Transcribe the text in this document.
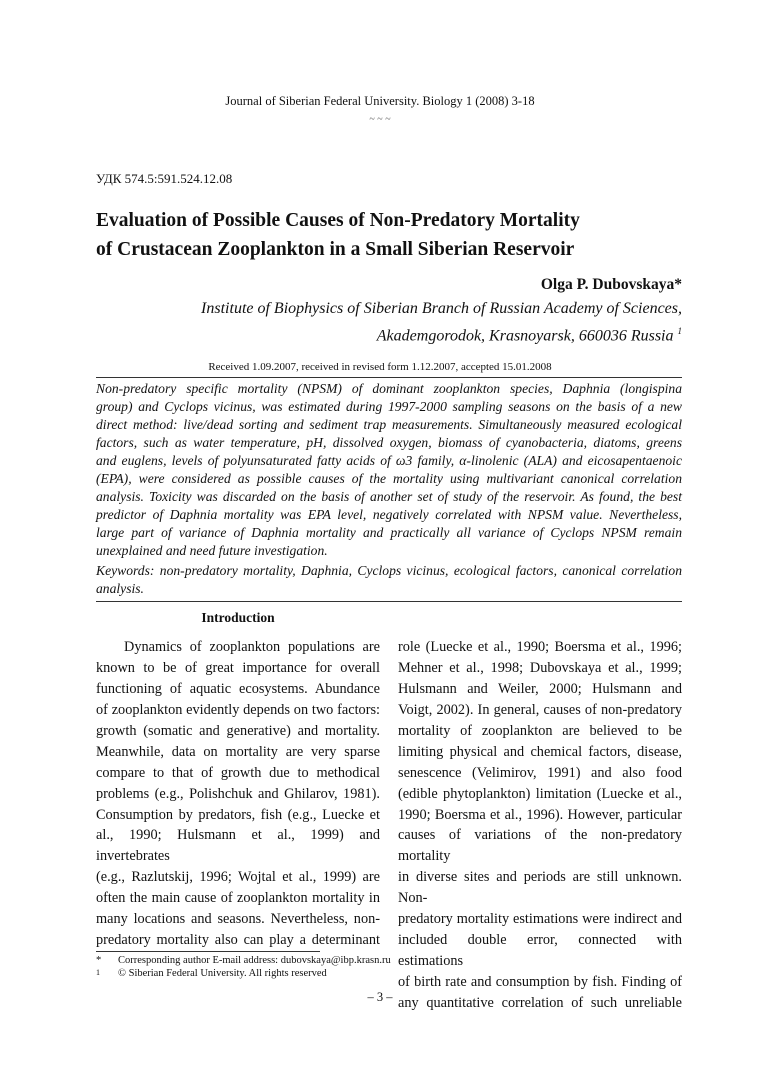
Journal of Siberian Federal University. Biology 1 (2008) 3-18
~ ~ ~
УДК 574.5:591.524.12.08
Evaluation of Possible Causes of Non-Predatory Mortality
of Crustacean Zooplankton in a Small Siberian Reservoir
Olga P. Dubovskaya*
Institute of Biophysics of Siberian Branch of Russian Academy of Sciences,
Akademgorodok, Krasnoyarsk, 660036 Russia $^1$
Received 1.09.2007, received in revised form 1.12.2007, accepted 15.01.2008
Non-predatory specific mortality (NPSM) of dominant zooplankton species, Daphnia (longispina
group) and Cyclops vicinus, was estimated during 1997-2000 sampling seasons on the basis of a new
direct method: live/dead sorting and sediment trap measurements. Simultaneously measured ecological
factors, such as water temperature, pH, dissolved oxygen, biomass of cyanobacteria, diatoms, greens
and euglens, levels of polyunsaturated fatty acids of ω3 family, α-linolenic (ALA) and eicosapentaenoic
(EPA), were considered as possible causes of the mortality using multivariant canonical correlation
analysis. Toxicity was discarded on the basis of another set of study of the reservoir. As found, the best
predictor of Daphnia mortality was EPA level, negatively correlated with NPSM value. Nevertheless,
large part of variance of Daphnia mortality and practically all variance of Cyclops NPSM remain
unexplained and need future investigation.
Keywords: non-predatory mortality, Daphnia, Cyclops vicinus, ecological factors, canonical correlation
analysis.
Introduction
Dynamics of zooplankton populations are
known to be of great importance for overall
functioning of aquatic ecosystems. Abundance
of zooplankton evidently depends on two factors:
growth (somatic and generative) and mortality.
Meanwhile, data on mortality are very sparse
compare to that of growth due to methodical
problems (e.g., Polishchuk and Ghilarov, 1981).
Consumption by predators, fish (e.g., Luecke et
al., 1990; Hulsmann et al., 1999) and invertebrates
(e.g., Razlutskij, 1996; Wojtal et al., 1999) are
often the main cause of zooplankton mortality in
many locations and seasons. Nevertheless, non-
predatory mortality also can play a determinant
role (Luecke et al., 1990; Boersma et al., 1996;
Mehner et al., 1998; Dubovskaya et al., 1999;
Hulsmann and Weiler, 2000; Hulsmann and
Voigt, 2002). In general, causes of non-predatory
mortality of zooplankton are believed to be
limiting physical and chemical factors, disease,
senescence (Velimirov, 1991) and also food
(edible phytoplankton) limitation (Luecke et al.,
1990; Boersma et al., 1996). However, particular
causes of variations of the non-predatory mortality
in diverse sites and periods are still unknown. Non-
predatory mortality estimations were indirect and
included double error, connected with estimations
of birth rate and consumption by fish. Finding of
any quantitative correlation of such unreliable
* Corresponding author E-mail address: dubovskaya@ibp.krasn.ru
1 © Siberian Federal University. All rights reserved
– 3 –
